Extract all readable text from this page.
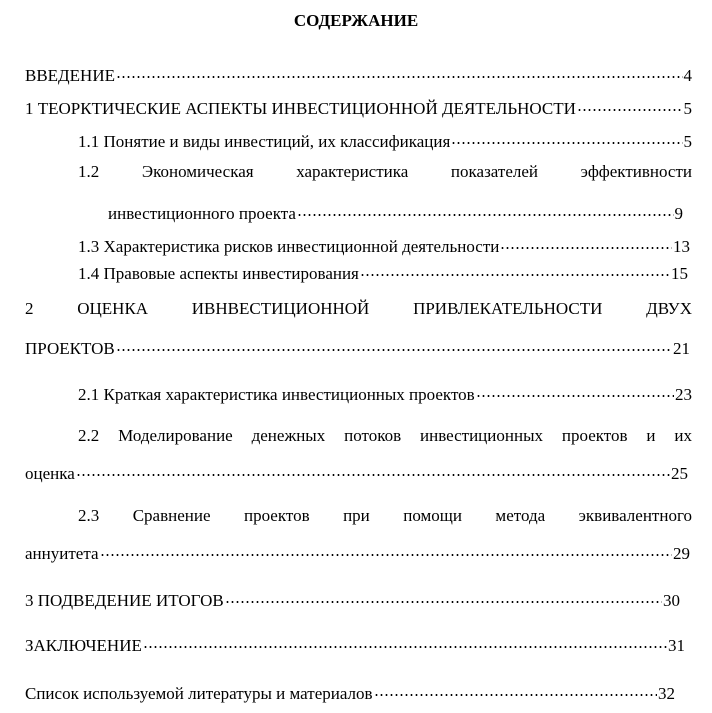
СОДЕРЖАНИЕ
ВВЕДЕНИЕ	4
1 ТЕОРКТИЧЕСКИЕ АСПЕКТЫ ИНВЕСТИЦИОННОЙ ДЕЯТЕЛЬНОСТИ	5
1.1 Понятие и виды инвестиций, их классификация	5
1.2 Экономическая характеристика показателей эффективности
инвестиционного проекта	9
1.3 Характеристика рисков инвестиционной деятельности	13
1.4 Правовые аспекты инвестирования	15
2 ОЦЕНКА ИВНВЕСТИЦИОННОЙ ПРИВЛЕКАТЕЛЬНОСТИ ДВУХ
ПРОЕКТОВ	21
2.1 Краткая характеристика инвестиционных проектов	23
2.2 Моделирование денежных потоков инвестиционных проектов и их
оценка	25
2.3 Сравнение проектов при помощи метода эквивалентного
аннуитета	29
3 ПОДВЕДЕНИЕ ИТОГОВ	30
ЗАКЛЮЧЕНИЕ	31
Список используемой литературы и материалов	32
